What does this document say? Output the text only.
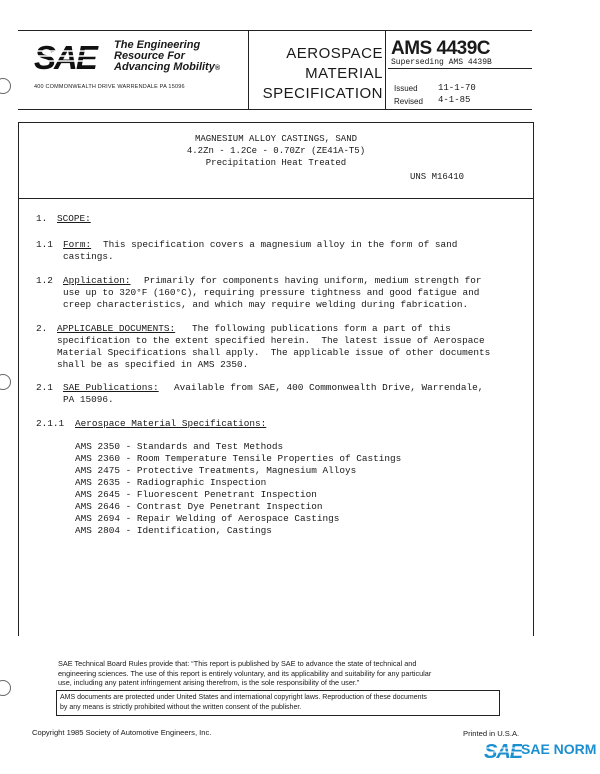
SAE The Engineering
Resource For
Advancing Mobility®
400 COMMONWEALTH DRIVE WARRENDALE PA 15096
AEROSPACE
MATERIAL
SPECIFICATION
AMS 4439C
Superseding AMS 4439B
Issued 11-1-70
Revised 4-1-85
MAGNESIUM ALLOY CASTINGS, SAND
4.2Zn - 1.2Ce - 0.70Zr (ZE41A-T5)
Precipitation Heat Treated
UNS M16410
1. SCOPE:
1.1 Form: This specification covers a magnesium alloy in the form of sand
castings.
1.2 Application: Primarily for components having uniform, medium strength for
use up to 320°F (160°C), requiring pressure tightness and good fatigue and
creep characteristics, and which may require welding during fabrication.
2. APPLICABLE DOCUMENTS: The following publications form a part of this
specification to the extent specified herein.  The latest issue of Aerospace
Material Specifications shall apply.  The applicable issue of other documents
shall be as specified in AMS 2350.
2.1 SAE Publications: Available from SAE, 400 Commonwealth Drive, Warrendale,
PA 15096.
2.1.1 Aerospace Material Specifications:
AMS 2350 - Standards and Test Methods
AMS 2360 - Room Temperature Tensile Properties of Castings
AMS 2475 - Protective Treatments, Magnesium Alloys
AMS 2635 - Radiographic Inspection
AMS 2645 - Fluorescent Penetrant Inspection
AMS 2646 - Contrast Dye Penetrant Inspection
AMS 2694 - Repair Welding of Aerospace Castings
AMS 2804 - Identification, Castings
SAE Technical Board Rules provide that: “This report is published by SAE to advance the state of technical and
engineering sciences. The use of this report is entirely voluntary, and its applicability and suitability for any particular
use, including any patent infringement arising therefrom, is the sole responsibility of the user.”
AMS documents are protected under United States and international copyright laws. Reproduction of these documents
by any means is strictly prohibited without the written consent of the publisher.
Copyright 1985 Society of Automotive Engineers, Inc.	Printed in U.S.A.
SAE
SAE NORM
